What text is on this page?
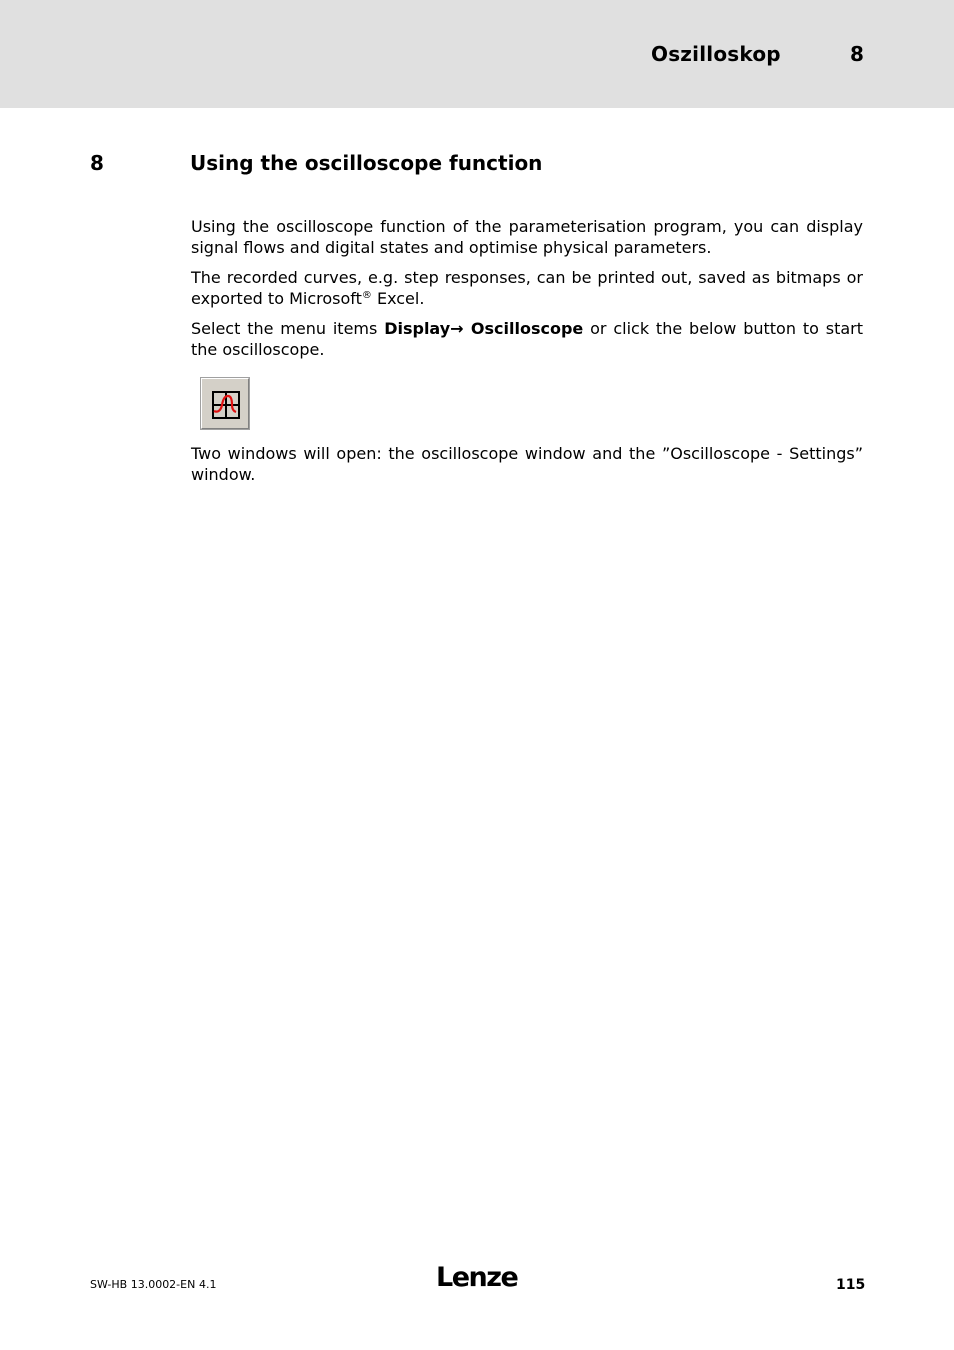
Oszilloskop	8
8	Using the oscilloscope function

Using the oscilloscope function of the parameterisation program, you can display signal flows and digital states and optimise physical parameters.

The recorded curves, e.g. step responses, can be printed out, saved as bitmaps or exported to Microsoft® Excel.

Select the menu items Display→ Oscilloscope or click the below button to start the oscilloscope.

Two windows will open: the oscilloscope window and the ”Oscilloscope - Settings” window.

SW-HB 13.0002-EN 4.1	Lenze	115
